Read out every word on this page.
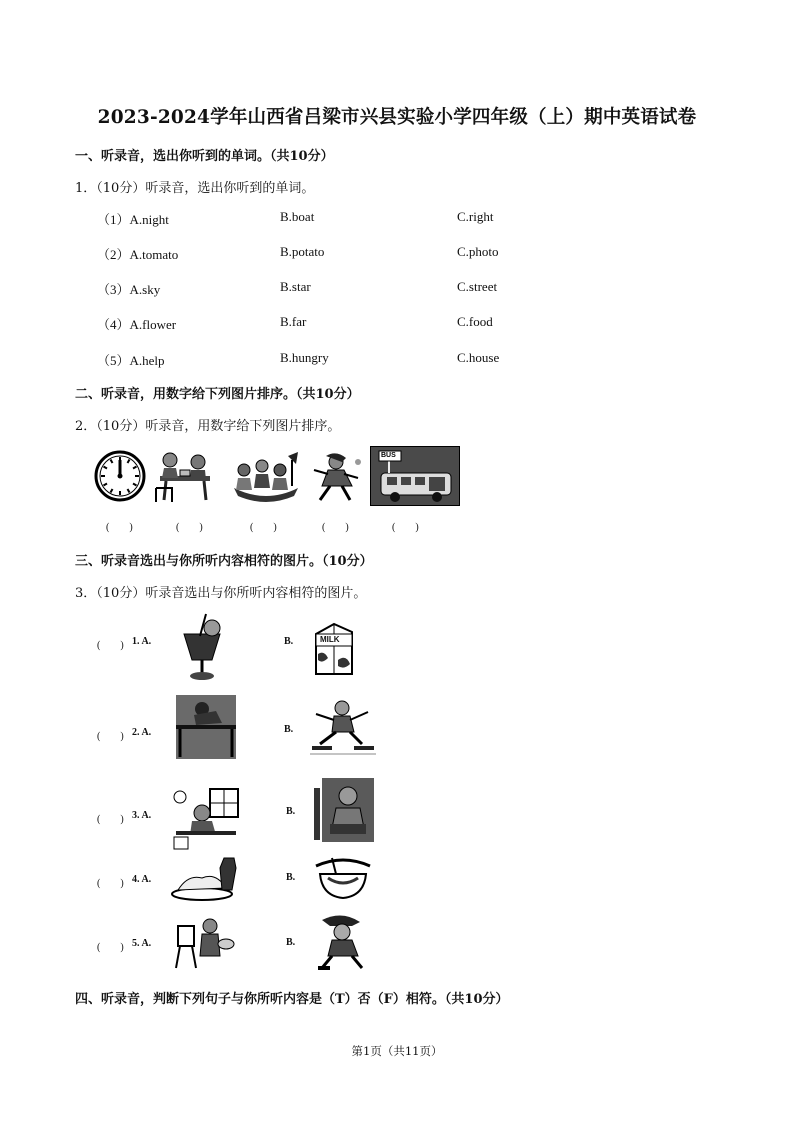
2023-2024学年山西省吕梁市兴县实验小学四年级（上）期中英语试卷
一、听录音，选出你听到的单词。（共10分）
1．（10分）听录音，选出你听到的单词。
（1）A.night	B.boat	C.right
（2）A.tomato	B.potato	C.photo
（3）A.sky	B.star	C.street
（4）A.flower	B.far	C.food
（5）A.help	B.hungry	C.house
二、听录音，用数字给下列图片排序。（共10分）
2．（10分）听录音，用数字给下列图片排序。
BUS
(　　)	(　　)	(　　)	(　　)	(　　)
三、听录音选出与你所听内容相符的图片。（10分）
3．（10分）听录音选出与你所听内容相符的图片。
(　　) 1. A.	B.	MILK
(　　) 2. A.	B.
(　　) 3. A.	B.
(　　) 4. A.	B.
(　　) 5. A.	B.
四、听录音，判断下列句子与你所听内容是（T）否（F）相符。（共10分）
第1页（共11页）
